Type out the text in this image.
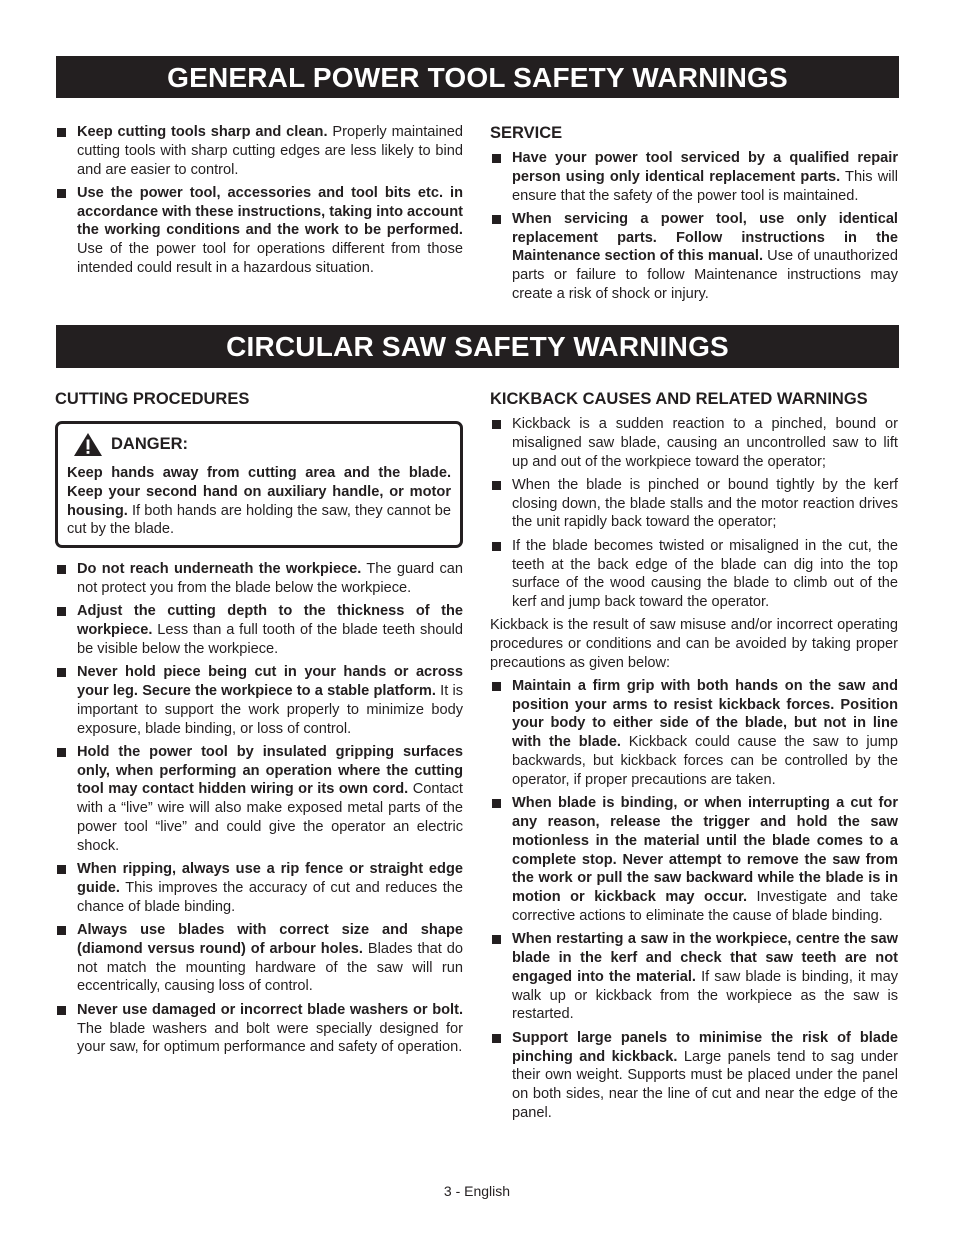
GENERAL POWER TOOL SAFETY WARNINGS
Keep cutting tools sharp and clean. Properly maintained cutting tools with sharp cutting edges are less likely to bind and are easier to control.
Use the power tool, accessories and tool bits etc. in accordance with these instructions, taking into account the working conditions and the work to be performed. Use of the power tool for operations different from those intended could result in a hazardous situation.
SERVICE
Have your power tool serviced by a qualified repair person using only identical replacement parts. This will ensure that the safety of the power tool is maintained.
When servicing a power tool, use only identical replacement parts. Follow instructions in the Maintenance section of this manual. Use of unauthorized parts or failure to follow Maintenance instructions may create a risk of shock or injury.
CIRCULAR SAW SAFETY WARNINGS
CUTTING PROCEDURES
DANGER:
Keep hands away from cutting area and the blade. Keep your second hand on auxiliary handle, or motor housing. If both hands are holding the saw, they cannot be cut by the blade.
Do not reach underneath the workpiece. The guard can not protect you from the blade below the workpiece.
Adjust the cutting depth to the thickness of the workpiece. Less than a full tooth of the blade teeth should be visible below the workpiece.
Never hold piece being cut in your hands or across your leg. Secure the workpiece to a stable platform. It is important to support the work properly to minimize body exposure, blade binding, or loss of control.
Hold the power tool by insulated gripping surfaces only, when performing an operation where the cutting tool may contact hidden wiring or its own cord. Contact with a “live” wire will also make exposed metal parts of the power tool “live” and could give the operator an electric shock.
When ripping, always use a rip fence or straight edge guide. This improves the accuracy of cut and reduces the chance of blade binding.
Always use blades with correct size and shape (diamond versus round) of arbour holes. Blades that do not match the mounting hardware of the saw will run eccentrically, causing loss of control.
Never use damaged or incorrect blade washers or bolt. The blade washers and bolt were specially designed for your saw, for optimum performance and safety of operation.
KICKBACK CAUSES AND RELATED WARNINGS
Kickback is a sudden reaction to a pinched, bound or misaligned saw blade, causing an uncontrolled saw to lift up and out of the workpiece toward the operator;
When the blade is pinched or bound tightly by the kerf closing down, the blade stalls and the motor reaction drives the unit rapidly back toward the operator;
If the blade becomes twisted or misaligned in the cut, the teeth at the back edge of the blade can dig into the top surface of the wood causing the blade to climb out of the kerf and jump back toward the operator.

Kickback is the result of saw misuse and/or incorrect operating procedures or conditions and can be avoided by taking proper precautions as given below:

Maintain a firm grip with both hands on the saw and position your arms to resist kickback forces. Position your body to either side of the blade, but not in line with the blade. Kickback could cause the saw to jump backwards, but kickback forces can be controlled by the operator, if proper precautions are taken.
When blade is binding, or when interrupting a cut for any reason, release the trigger and hold the saw motionless in the material until the blade comes to a complete stop. Never attempt to remove the saw from the work or pull the saw backward while the blade is in motion or kickback may occur. Investigate and take corrective actions to eliminate the cause of blade binding.
When restarting a saw in the workpiece, centre the saw blade in the kerf and check that saw teeth are not engaged into the material. If saw blade is binding, it may walk up or kickback from the workpiece as the saw is restarted.
Support large panels to minimise the risk of blade pinching and kickback. Large panels tend to sag under their own weight. Supports must be placed under the panel on both sides, near the line of cut and near the edge of the panel.
3 - English
